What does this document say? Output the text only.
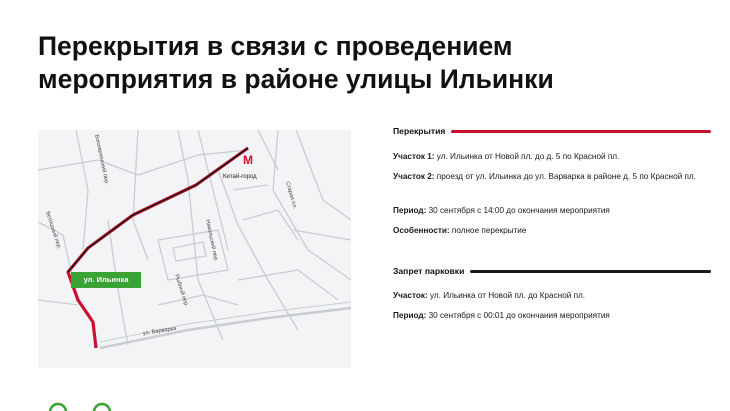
Перекрытия в связи с проведением
мероприятия в районе улицы Ильинки
Богоявленский пер.
Ветошный пер.	Никольский пер.
Рыбный пер.
ул. Варварка
Старая пл.
М
Китай-город
ул. Ильинка
Перекрытия
Участок 1: ул. Ильинка от Новой пл. до д. 5 по Красной пл.
Участок 2: проезд от ул. Ильинка до ул. Варварка в районе д. 5 по Красной пл.
Период: 30 сентября с 14:00 до окончания мероприятия
Особенности: полное перекрытие
Запрет парковки
Участок: ул. Ильинка от Новой пл. до Красной пл.
Период: 30 сентября с 00:01 до окончания мероприятия
